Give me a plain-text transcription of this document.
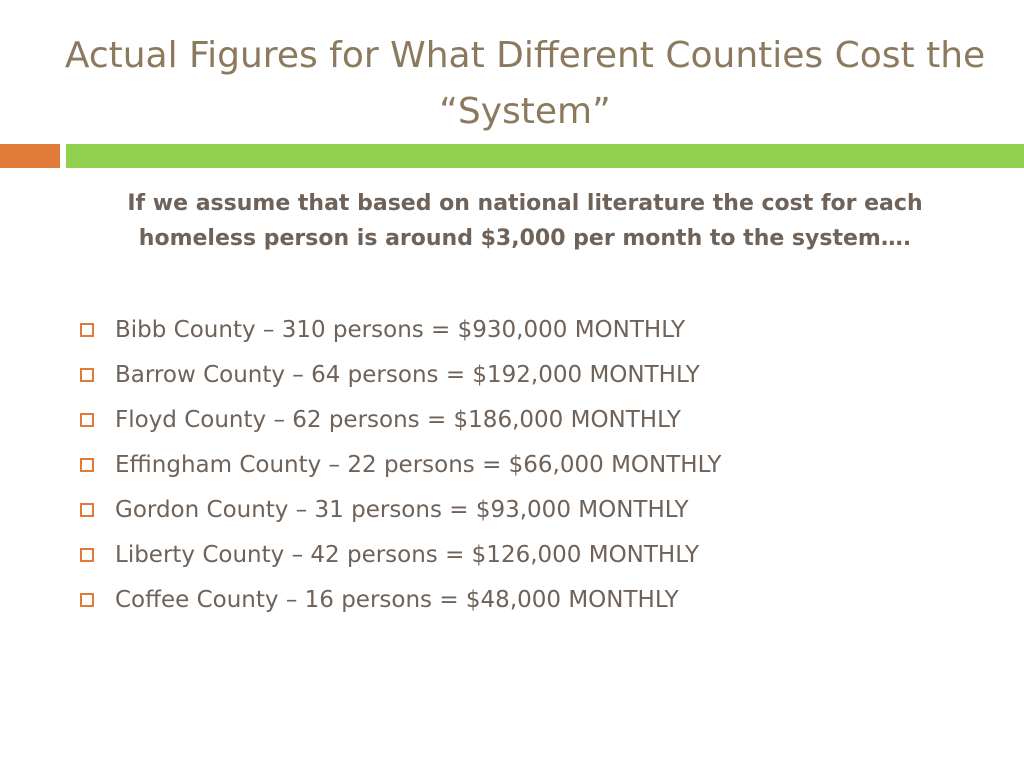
Actual Figures for What Different Counties Cost the “System”

If we assume that based on national literature the cost for each homeless person is around $3,000 per month to the system….

Bibb County – 310 persons = $930,000 MONTHLY
Barrow County – 64 persons = $192,000 MONTHLY
Floyd County – 62 persons = $186,000 MONTHLY
Effingham County – 22 persons = $66,000 MONTHLY
Gordon County – 31 persons = $93,000 MONTHLY
Liberty County – 42 persons = $126,000 MONTHLY
Coffee County – 16 persons = $48,000 MONTHLY
